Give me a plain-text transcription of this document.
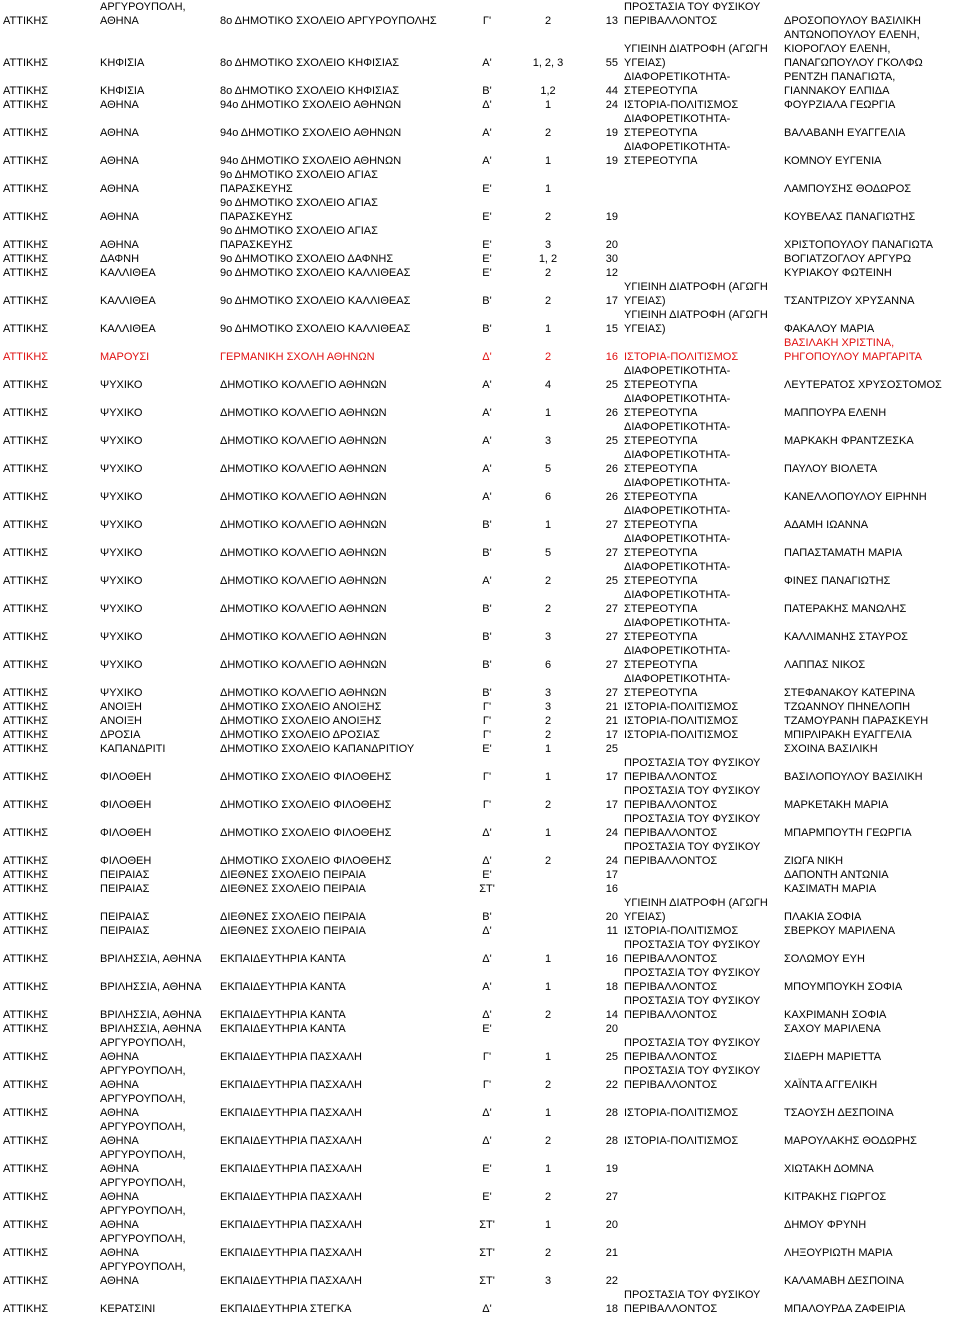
ΑΤΤΙΚΗΣ	ΑΡΓΥΡΟΥΠΟΛΗ,
ΑΘΗΝΑ	8ο ΔΗΜΟΤΙΚΟ ΣΧΟΛΕΙΟ ΑΡΓΥΡΟΥΠΟΛΗΣ	Γ'	2	13	ΠΡΟΣΤΑΣΙΑ ΤΟΥ ΦΥΣΙΚΟΥ
ΠΕΡΙΒΑΛΛΟΝΤΟΣ	ΔΡΟΣΟΠΟΥΛΟΥ ΒΑΣΙΛΙΚΗ
ΑΤΤΙΚΗΣ	ΚΗΦΙΣΙΑ	8ο ΔΗΜΟΤΙΚΟ ΣΧΟΛΕΙΟ ΚΗΦΙΣΙΑΣ	Α'	1, 2, 3	55	ΥΓΙΕΙΝΗ ΔΙΑΤΡΟΦΗ (ΑΓΩΓΗ
ΥΓΕΙΑΣ)	ΑΝΤΩΝΟΠΟΥΛΟΥ ΕΛΕΝΗ,
ΚΙΟΡΟΓΛΟΥ ΕΛΕΝΗ,
ΠΑΝΑΓΩΠΟΥΛΟΥ ΓΚΟΛΦΩ
ΑΤΤΙΚΗΣ	ΚΗΦΙΣΙΑ	8ο ΔΗΜΟΤΙΚΟ ΣΧΟΛΕΙΟ ΚΗΦΙΣΙΑΣ	Β'	1,2	44	ΔΙΑΦΟΡΕΤΙΚΟΤΗΤΑ-
ΣΤΕΡΕΟΤΥΠΑ	ΡΕΝΤΖΗ ΠΑΝΑΓΙΩΤΑ,
ΓΙΑΝΝΑΚΟΥ ΕΛΠΙΔΑ
ΑΤΤΙΚΗΣ	ΑΘΗΝΑ	94ο ΔΗΜΟΤΙΚΟ ΣΧΟΛΕΙΟ ΑΘΗΝΩΝ	Δ'	1	24	ΙΣΤΟΡΙΑ-ΠΟΛΙΤΙΣΜΟΣ	ΦΟΥΡΖΙΑΛΑ ΓΕΩΡΓΙΑ
ΑΤΤΙΚΗΣ	ΑΘΗΝΑ	94ο ΔΗΜΟΤΙΚΟ ΣΧΟΛΕΙΟ ΑΘΗΝΩΝ	Α'	2	19	ΔΙΑΦΟΡΕΤΙΚΟΤΗΤΑ-
ΣΤΕΡΕΟΤΥΠΑ	ΒΑΛΑΒΑΝΗ ΕΥΑΓΓΕΛΙΑ
ΑΤΤΙΚΗΣ	ΑΘΗΝΑ	94ο ΔΗΜΟΤΙΚΟ ΣΧΟΛΕΙΟ ΑΘΗΝΩΝ	Α'	1	19	ΔΙΑΦΟΡΕΤΙΚΟΤΗΤΑ-
ΣΤΕΡΕΟΤΥΠΑ	ΚΟΜΝΟΥ ΕΥΓΕΝΙΑ
ΑΤΤΙΚΗΣ	ΑΘΗΝΑ	9ο ΔΗΜΟΤΙΚΟ ΣΧΟΛΕΙΟ ΑΓΙΑΣ
ΠΑΡΑΣΚΕΥΗΣ	Ε'	1			ΛΑΜΠΟΥΣΗΣ ΘΟΔΩΡΟΣ
ΑΤΤΙΚΗΣ	ΑΘΗΝΑ	9ο ΔΗΜΟΤΙΚΟ ΣΧΟΛΕΙΟ ΑΓΙΑΣ
ΠΑΡΑΣΚΕΥΗΣ	Ε'	2	19		ΚΟΥΒΕΛΑΣ ΠΑΝΑΓΙΩΤΗΣ
ΑΤΤΙΚΗΣ	ΑΘΗΝΑ	9ο ΔΗΜΟΤΙΚΟ ΣΧΟΛΕΙΟ ΑΓΙΑΣ
ΠΑΡΑΣΚΕΥΗΣ	Ε'	3	20		ΧΡΙΣΤΟΠΟΥΛΟΥ ΠΑΝΑΓΙΩΤΑ
ΑΤΤΙΚΗΣ	ΔΑΦΝΗ	9ο ΔΗΜΟΤΙΚΟ ΣΧΟΛΕΙΟ ΔΑΦΝΗΣ	Ε'	1, 2	30		ΒΟΓΙΑΤΖΟΓΛΟΥ ΑΡΓΥΡΩ
ΑΤΤΙΚΗΣ	ΚΑΛΛΙΘΕΑ	9ο ΔΗΜΟΤΙΚΟ ΣΧΟΛΕΙΟ ΚΑΛΛΙΘΕΑΣ	Ε'	2	12		ΚΥΡΙΑΚΟΥ ΦΩΤΕΙΝΗ
ΑΤΤΙΚΗΣ	ΚΑΛΛΙΘΕΑ	9ο ΔΗΜΟΤΙΚΟ ΣΧΟΛΕΙΟ ΚΑΛΛΙΘΕΑΣ	Β'	2	17	ΥΓΙΕΙΝΗ ΔΙΑΤΡΟΦΗ (ΑΓΩΓΗ
ΥΓΕΙΑΣ)	ΤΣΑΝΤΡΙΖΟΥ ΧΡΥΣΑΝΝΑ
ΑΤΤΙΚΗΣ	ΚΑΛΛΙΘΕΑ	9ο ΔΗΜΟΤΙΚΟ ΣΧΟΛΕΙΟ ΚΑΛΛΙΘΕΑΣ	Β'	1	15	ΥΓΙΕΙΝΗ ΔΙΑΤΡΟΦΗ (ΑΓΩΓΗ
ΥΓΕΙΑΣ)	ΦΑΚΑΛΟΥ ΜΑΡΙΑ
ΑΤΤΙΚΗΣ	ΜΑΡΟΥΣΙ	ΓΕΡΜΑΝΙΚΗ ΣΧΟΛΗ ΑΘΗΝΩΝ	Δ'	2	16	ΙΣΤΟΡΙΑ-ΠΟΛΙΤΙΣΜΟΣ	ΒΑΣΙΛΑΚΗ ΧΡΙΣΤΙΝΑ,
ΡΗΓΟΠΟΥΛΟΥ ΜΑΡΓΑΡΙΤΑ
ΑΤΤΙΚΗΣ	ΨΥΧΙΚΟ	ΔΗΜΟΤΙΚΟ ΚΟΛΛΕΓΙΟ ΑΘΗΝΩΝ	Α'	4	25	ΔΙΑΦΟΡΕΤΙΚΟΤΗΤΑ-
ΣΤΕΡΕΟΤΥΠΑ	ΛΕΥΤΕΡΑΤΟΣ ΧΡΥΣΟΣΤΟΜΟΣ
ΑΤΤΙΚΗΣ	ΨΥΧΙΚΟ	ΔΗΜΟΤΙΚΟ ΚΟΛΛΕΓΙΟ ΑΘΗΝΩΝ	Α'	1	26	ΔΙΑΦΟΡΕΤΙΚΟΤΗΤΑ-
ΣΤΕΡΕΟΤΥΠΑ	ΜΑΠΠΟΥΡΑ ΕΛΕΝΗ
ΑΤΤΙΚΗΣ	ΨΥΧΙΚΟ	ΔΗΜΟΤΙΚΟ ΚΟΛΛΕΓΙΟ ΑΘΗΝΩΝ	Α'	3	25	ΔΙΑΦΟΡΕΤΙΚΟΤΗΤΑ-
ΣΤΕΡΕΟΤΥΠΑ	ΜΑΡΚΑΚΗ ΦΡΑΝΤΖΕΣΚΑ
ΑΤΤΙΚΗΣ	ΨΥΧΙΚΟ	ΔΗΜΟΤΙΚΟ ΚΟΛΛΕΓΙΟ ΑΘΗΝΩΝ	Α'	5	26	ΔΙΑΦΟΡΕΤΙΚΟΤΗΤΑ-
ΣΤΕΡΕΟΤΥΠΑ	ΠΑΥΛΟΥ ΒΙΟΛΕΤΑ
ΑΤΤΙΚΗΣ	ΨΥΧΙΚΟ	ΔΗΜΟΤΙΚΟ ΚΟΛΛΕΓΙΟ ΑΘΗΝΩΝ	Α'	6	26	ΔΙΑΦΟΡΕΤΙΚΟΤΗΤΑ-
ΣΤΕΡΕΟΤΥΠΑ	ΚΑΝΕΛΛΟΠΟΥΛΟΥ ΕΙΡΗΝΗ
ΑΤΤΙΚΗΣ	ΨΥΧΙΚΟ	ΔΗΜΟΤΙΚΟ ΚΟΛΛΕΓΙΟ ΑΘΗΝΩΝ	Β'	1	27	ΔΙΑΦΟΡΕΤΙΚΟΤΗΤΑ-
ΣΤΕΡΕΟΤΥΠΑ	ΑΔΑΜΗ ΙΩΑΝΝΑ
ΑΤΤΙΚΗΣ	ΨΥΧΙΚΟ	ΔΗΜΟΤΙΚΟ ΚΟΛΛΕΓΙΟ ΑΘΗΝΩΝ	Β'	5	27	ΔΙΑΦΟΡΕΤΙΚΟΤΗΤΑ-
ΣΤΕΡΕΟΤΥΠΑ	ΠΑΠΑΣΤΑΜΑΤΗ ΜΑΡΙΑ
ΑΤΤΙΚΗΣ	ΨΥΧΙΚΟ	ΔΗΜΟΤΙΚΟ ΚΟΛΛΕΓΙΟ ΑΘΗΝΩΝ	Α'	2	25	ΔΙΑΦΟΡΕΤΙΚΟΤΗΤΑ-
ΣΤΕΡΕΟΤΥΠΑ	ΦΙΝΕΣ ΠΑΝΑΓΙΩΤΗΣ
ΑΤΤΙΚΗΣ	ΨΥΧΙΚΟ	ΔΗΜΟΤΙΚΟ ΚΟΛΛΕΓΙΟ ΑΘΗΝΩΝ	Β'	2	27	ΔΙΑΦΟΡΕΤΙΚΟΤΗΤΑ-
ΣΤΕΡΕΟΤΥΠΑ	ΠΑΤΕΡΑΚΗΣ ΜΑΝΩΛΗΣ
ΑΤΤΙΚΗΣ	ΨΥΧΙΚΟ	ΔΗΜΟΤΙΚΟ ΚΟΛΛΕΓΙΟ ΑΘΗΝΩΝ	Β'	3	27	ΔΙΑΦΟΡΕΤΙΚΟΤΗΤΑ-
ΣΤΕΡΕΟΤΥΠΑ	ΚΑΛΛΙΜΑΝΗΣ ΣΤΑΥΡΟΣ
ΑΤΤΙΚΗΣ	ΨΥΧΙΚΟ	ΔΗΜΟΤΙΚΟ ΚΟΛΛΕΓΙΟ ΑΘΗΝΩΝ	Β'	6	27	ΔΙΑΦΟΡΕΤΙΚΟΤΗΤΑ-
ΣΤΕΡΕΟΤΥΠΑ	ΛΑΠΠΑΣ ΝΙΚΟΣ
ΑΤΤΙΚΗΣ	ΨΥΧΙΚΟ	ΔΗΜΟΤΙΚΟ ΚΟΛΛΕΓΙΟ ΑΘΗΝΩΝ	Β'	3	27	ΔΙΑΦΟΡΕΤΙΚΟΤΗΤΑ-
ΣΤΕΡΕΟΤΥΠΑ	ΣΤΕΦΑΝΑΚΟΥ ΚΑΤΕΡΙΝΑ
ΑΤΤΙΚΗΣ	ΑΝΟΙΞΗ	ΔΗΜΟΤΙΚΟ ΣΧΟΛΕΙΟ ΑΝΟΙΞΗΣ	Γ'	3	21	ΙΣΤΟΡΙΑ-ΠΟΛΙΤΙΣΜΟΣ	ΤΖΩΑΝΝΟΥ ΠΗΝΕΛΟΠΗ
ΑΤΤΙΚΗΣ	ΑΝΟΙΞΗ	ΔΗΜΟΤΙΚΟ ΣΧΟΛΕΙΟ ΑΝΟΙΞΗΣ	Γ'	2	21	ΙΣΤΟΡΙΑ-ΠΟΛΙΤΙΣΜΟΣ	ΤΖΑΜΟΥΡΑΝΗ ΠΑΡΑΣΚΕΥΗ
ΑΤΤΙΚΗΣ	ΔΡΟΣΙΑ	ΔΗΜΟΤΙΚΟ ΣΧΟΛΕΙΟ ΔΡΟΣΙΑΣ	Γ'	2	17	ΙΣΤΟΡΙΑ-ΠΟΛΙΤΙΣΜΟΣ	ΜΠΙΡΛΙΡΑΚΗ ΕΥΑΓΓΕΛΙΑ
ΑΤΤΙΚΗΣ	ΚΑΠΑΝΔΡΙΤΙ	ΔΗΜΟΤΙΚΟ ΣΧΟΛΕΙΟ ΚΑΠΑΝΔΡΙΤΙΟΥ	Ε'	1	25		ΣΧΟΙΝΑ ΒΑΣΙΛΙΚΗ
ΑΤΤΙΚΗΣ	ΦΙΛΟΘΕΗ	ΔΗΜΟΤΙΚΟ ΣΧΟΛΕΙΟ ΦΙΛΟΘΕΗΣ	Γ'	1	17	ΠΡΟΣΤΑΣΙΑ ΤΟΥ ΦΥΣΙΚΟΥ
ΠΕΡΙΒΑΛΛΟΝΤΟΣ	ΒΑΣΙΛΟΠΟΥΛΟΥ ΒΑΣΙΛΙΚΗ
ΑΤΤΙΚΗΣ	ΦΙΛΟΘΕΗ	ΔΗΜΟΤΙΚΟ ΣΧΟΛΕΙΟ ΦΙΛΟΘΕΗΣ	Γ'	2	17	ΠΡΟΣΤΑΣΙΑ ΤΟΥ ΦΥΣΙΚΟΥ
ΠΕΡΙΒΑΛΛΟΝΤΟΣ	ΜΑΡΚΕΤΑΚΗ ΜΑΡΙΑ
ΑΤΤΙΚΗΣ	ΦΙΛΟΘΕΗ	ΔΗΜΟΤΙΚΟ ΣΧΟΛΕΙΟ ΦΙΛΟΘΕΗΣ	Δ'	1	24	ΠΡΟΣΤΑΣΙΑ ΤΟΥ ΦΥΣΙΚΟΥ
ΠΕΡΙΒΑΛΛΟΝΤΟΣ	ΜΠΑΡΜΠΟΥΤΗ ΓΕΩΡΓΙΑ
ΑΤΤΙΚΗΣ	ΦΙΛΟΘΕΗ	ΔΗΜΟΤΙΚΟ ΣΧΟΛΕΙΟ ΦΙΛΟΘΕΗΣ	Δ'	2	24	ΠΡΟΣΤΑΣΙΑ ΤΟΥ ΦΥΣΙΚΟΥ
ΠΕΡΙΒΑΛΛΟΝΤΟΣ	ΖΙΩΓΑ ΝΙΚΗ
ΑΤΤΙΚΗΣ	ΠΕΙΡΑΙΑΣ	ΔΙΕΘΝΕΣ ΣΧΟΛΕΙΟ ΠΕΙΡΑΙΑ	Ε'		17		ΔΑΠΟΝΤΗ ΑΝΤΩΝΙΑ
ΑΤΤΙΚΗΣ	ΠΕΙΡΑΙΑΣ	ΔΙΕΘΝΕΣ ΣΧΟΛΕΙΟ ΠΕΙΡΑΙΑ	ΣΤ'		16		ΚΑΣΙΜΑΤΗ ΜΑΡΙΑ
ΑΤΤΙΚΗΣ	ΠΕΙΡΑΙΑΣ	ΔΙΕΘΝΕΣ ΣΧΟΛΕΙΟ ΠΕΙΡΑΙΑ	Β'		20	ΥΓΙΕΙΝΗ ΔΙΑΤΡΟΦΗ (ΑΓΩΓΗ
ΥΓΕΙΑΣ)	ΠΛΑΚΙΑ ΣΟΦΙΑ
ΑΤΤΙΚΗΣ	ΠΕΙΡΑΙΑΣ	ΔΙΕΘΝΕΣ ΣΧΟΛΕΙΟ ΠΕΙΡΑΙΑ	Δ'		11	ΙΣΤΟΡΙΑ-ΠΟΛΙΤΙΣΜΟΣ	ΣΒΕΡΚΟΥ ΜΑΡΙΛΕΝΑ
ΑΤΤΙΚΗΣ	ΒΡΙΛΗΣΣΙΑ, ΑΘΗΝΑ	ΕΚΠΑΙΔΕΥΤΗΡΙΑ ΚΑΝΤΑ	Δ'	1	16	ΠΡΟΣΤΑΣΙΑ ΤΟΥ ΦΥΣΙΚΟΥ
ΠΕΡΙΒΑΛΛΟΝΤΟΣ	ΣΟΛΩΜΟΥ ΕΥΗ
ΑΤΤΙΚΗΣ	ΒΡΙΛΗΣΣΙΑ, ΑΘΗΝΑ	ΕΚΠΑΙΔΕΥΤΗΡΙΑ ΚΑΝΤΑ	Α'	1	18	ΠΡΟΣΤΑΣΙΑ ΤΟΥ ΦΥΣΙΚΟΥ
ΠΕΡΙΒΑΛΛΟΝΤΟΣ	ΜΠΟΥΜΠΟΥΚΗ ΣΟΦΙΑ
ΑΤΤΙΚΗΣ	ΒΡΙΛΗΣΣΙΑ, ΑΘΗΝΑ	ΕΚΠΑΙΔΕΥΤΗΡΙΑ ΚΑΝΤΑ	Δ'	2	14	ΠΡΟΣΤΑΣΙΑ ΤΟΥ ΦΥΣΙΚΟΥ
ΠΕΡΙΒΑΛΛΟΝΤΟΣ	ΚΑΧΡΙΜΑΝΗ ΣΟΦΙΑ
ΑΤΤΙΚΗΣ	ΒΡΙΛΗΣΣΙΑ, ΑΘΗΝΑ	ΕΚΠΑΙΔΕΥΤΗΡΙΑ ΚΑΝΤΑ	Ε'		20		ΣΑΧΟΥ ΜΑΡΙΛΕΝΑ
ΑΤΤΙΚΗΣ	ΑΡΓΥΡΟΥΠΟΛΗ,
ΑΘΗΝΑ	ΕΚΠΑΙΔΕΥΤΗΡΙΑ ΠΑΣΧΑΛΗ	Γ'	1	25	ΠΡΟΣΤΑΣΙΑ ΤΟΥ ΦΥΣΙΚΟΥ
ΠΕΡΙΒΑΛΛΟΝΤΟΣ	ΣΙΔΕΡΗ ΜΑΡΙΕΤΤΑ
ΑΤΤΙΚΗΣ	ΑΡΓΥΡΟΥΠΟΛΗ,
ΑΘΗΝΑ	ΕΚΠΑΙΔΕΥΤΗΡΙΑ ΠΑΣΧΑΛΗ	Γ'	2	22	ΠΡΟΣΤΑΣΙΑ ΤΟΥ ΦΥΣΙΚΟΥ
ΠΕΡΙΒΑΛΛΟΝΤΟΣ	ΧΑΪΝΤΑ ΑΓΓΕΛΙΚΗ
ΑΤΤΙΚΗΣ	ΑΡΓΥΡΟΥΠΟΛΗ,
ΑΘΗΝΑ	ΕΚΠΑΙΔΕΥΤΗΡΙΑ ΠΑΣΧΑΛΗ	Δ'	1	28	ΙΣΤΟΡΙΑ-ΠΟΛΙΤΙΣΜΟΣ	ΤΣΑΟΥΣΗ ΔΕΣΠΟΙΝΑ
ΑΤΤΙΚΗΣ	ΑΡΓΥΡΟΥΠΟΛΗ,
ΑΘΗΝΑ	ΕΚΠΑΙΔΕΥΤΗΡΙΑ ΠΑΣΧΑΛΗ	Δ'	2	28	ΙΣΤΟΡΙΑ-ΠΟΛΙΤΙΣΜΟΣ	ΜΑΡΟΥΛΑΚΗΣ ΘΟΔΩΡΗΣ
ΑΤΤΙΚΗΣ	ΑΡΓΥΡΟΥΠΟΛΗ,
ΑΘΗΝΑ	ΕΚΠΑΙΔΕΥΤΗΡΙΑ ΠΑΣΧΑΛΗ	Ε'	1	19		ΧΙΩΤΑΚΗ ΔΟΜΝΑ
ΑΤΤΙΚΗΣ	ΑΡΓΥΡΟΥΠΟΛΗ,
ΑΘΗΝΑ	ΕΚΠΑΙΔΕΥΤΗΡΙΑ ΠΑΣΧΑΛΗ	Ε'	2	27		ΚΙΤΡΑΚΗΣ ΓΙΩΡΓΟΣ
ΑΤΤΙΚΗΣ	ΑΡΓΥΡΟΥΠΟΛΗ,
ΑΘΗΝΑ	ΕΚΠΑΙΔΕΥΤΗΡΙΑ ΠΑΣΧΑΛΗ	ΣΤ'	1	20		ΔΗΜΟΥ ΦΡΥΝΗ
ΑΤΤΙΚΗΣ	ΑΡΓΥΡΟΥΠΟΛΗ,
ΑΘΗΝΑ	ΕΚΠΑΙΔΕΥΤΗΡΙΑ ΠΑΣΧΑΛΗ	ΣΤ'	2	21		ΛΗΞΟΥΡΙΩΤΗ ΜΑΡΙΑ
ΑΤΤΙΚΗΣ	ΑΡΓΥΡΟΥΠΟΛΗ,
ΑΘΗΝΑ	ΕΚΠΑΙΔΕΥΤΗΡΙΑ ΠΑΣΧΑΛΗ	ΣΤ'	3	22		ΚΑΛΑΜΑΒΗ ΔΕΣΠΟΙΝΑ
ΑΤΤΙΚΗΣ	ΚΕΡΑΤΣΙΝΙ	ΕΚΠΑΙΔΕΥΤΗΡΙΑ ΣΤΕΓΚΑ	Δ'		18	ΠΡΟΣΤΑΣΙΑ ΤΟΥ ΦΥΣΙΚΟΥ
ΠΕΡΙΒΑΛΛΟΝΤΟΣ	ΜΠΑΛΟΥΡΔΑ ΖΑΦΕΙΡΙΑ
